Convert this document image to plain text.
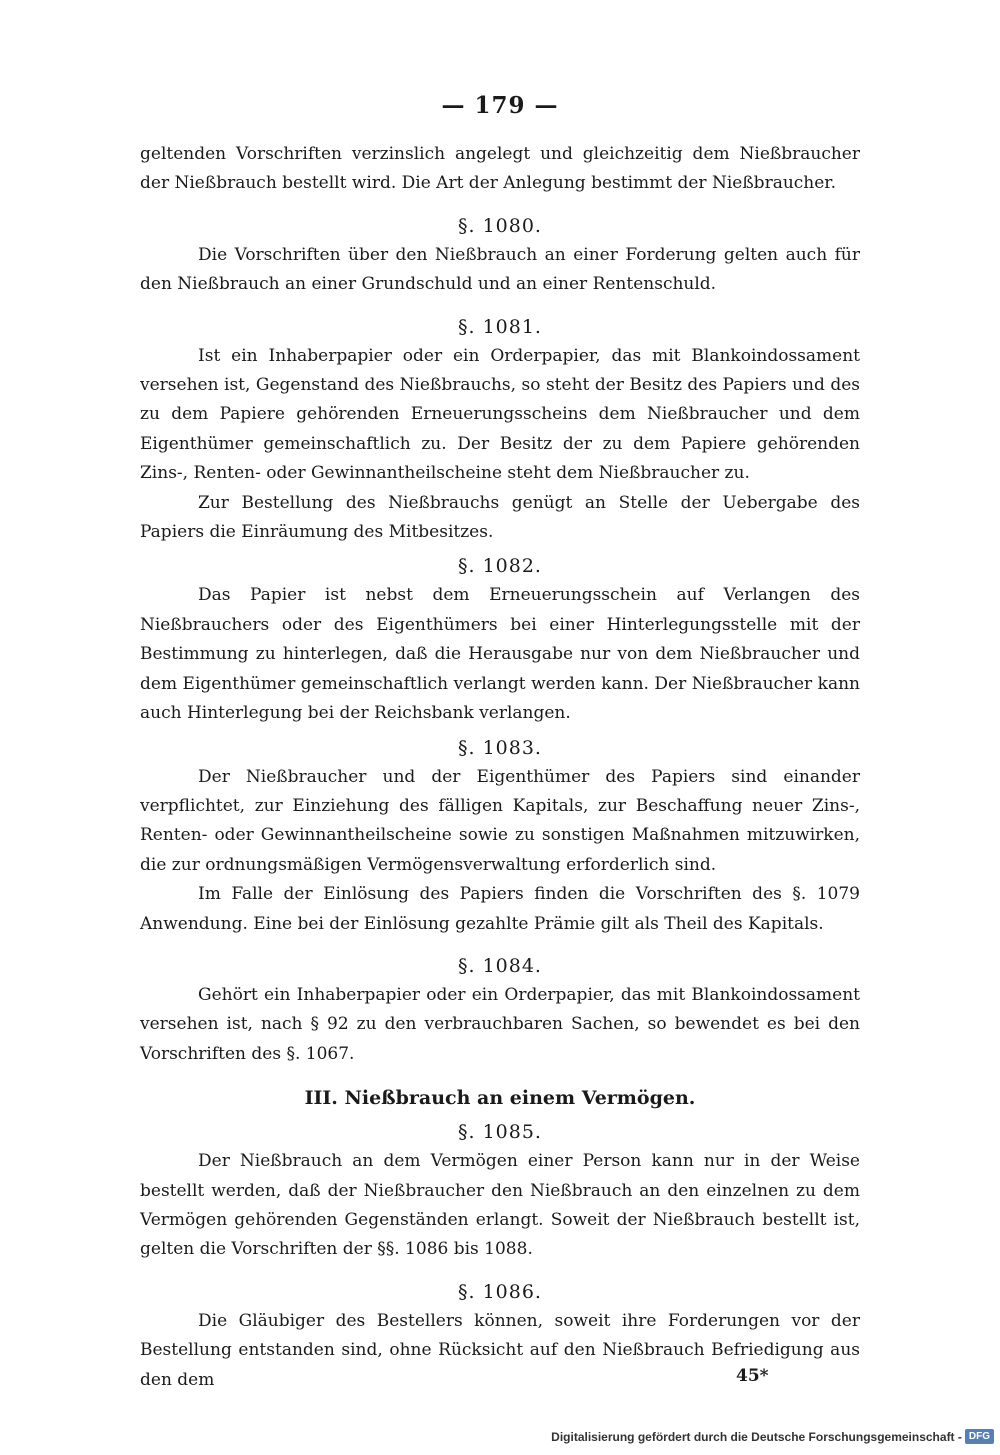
— 179 —

geltenden Vorschriften verzinslich angelegt und gleichzeitig dem Nießbraucher der Nießbrauch bestellt wird. Die Art der Anlegung bestimmt der Nießbraucher.

§. 1080.

Die Vorschriften über den Nießbrauch an einer Forderung gelten auch für den Nießbrauch an einer Grundschuld und an einer Rentenschuld.

§. 1081.

Ist ein Inhaberpapier oder ein Orderpapier, das mit Blankoindossament versehen ist, Gegenstand des Nießbrauchs, so steht der Besitz des Papiers und des zu dem Papiere gehörenden Erneuerungsscheins dem Nießbraucher und dem Eigenthümer gemeinschaftlich zu. Der Besitz der zu dem Papiere gehörenden Zins-, Renten- oder Gewinnantheilscheine steht dem Nießbraucher zu.

Zur Bestellung des Nießbrauchs genügt an Stelle der Uebergabe des Papiers die Einräumung des Mitbesitzes.

§. 1082.

Das Papier ist nebst dem Erneuerungsschein auf Verlangen des Nießbrauchers oder des Eigenthümers bei einer Hinterlegungsstelle mit der Bestimmung zu hinterlegen, daß die Herausgabe nur von dem Nießbraucher und dem Eigenthümer gemeinschaftlich verlangt werden kann. Der Nießbraucher kann auch Hinterlegung bei der Reichsbank verlangen.

§. 1083.

Der Nießbraucher und der Eigenthümer des Papiers sind einander verpflichtet, zur Einziehung des fälligen Kapitals, zur Beschaffung neuer Zins-, Renten- oder Gewinnantheilscheine sowie zu sonstigen Maßnahmen mitzuwirken, die zur ordnungsmäßigen Vermögensverwaltung erforderlich sind.

Im Falle der Einlösung des Papiers finden die Vorschriften des §. 1079 Anwendung. Eine bei der Einlösung gezahlte Prämie gilt als Theil des Kapitals.

§. 1084.

Gehört ein Inhaberpapier oder ein Orderpapier, das mit Blankoindossament versehen ist, nach § 92 zu den verbrauchbaren Sachen, so bewendet es bei den Vorschriften des §. 1067.

III. Nießbrauch an einem Vermögen.

§. 1085.

Der Nießbrauch an dem Vermögen einer Person kann nur in der Weise bestellt werden, daß der Nießbraucher den Nießbrauch an den einzelnen zu dem Vermögen gehörenden Gegenständen erlangt. Soweit der Nießbrauch bestellt ist, gelten die Vorschriften der §§. 1086 bis 1088.

§. 1086.

Die Gläubiger des Bestellers können, soweit ihre Forderungen vor der Bestellung entstanden sind, ohne Rücksicht auf den Nießbrauch Befriedigung aus den dem	45*
Digitalisierung gefördert durch die Deutsche Forschungsgemeinschaft - DFG
